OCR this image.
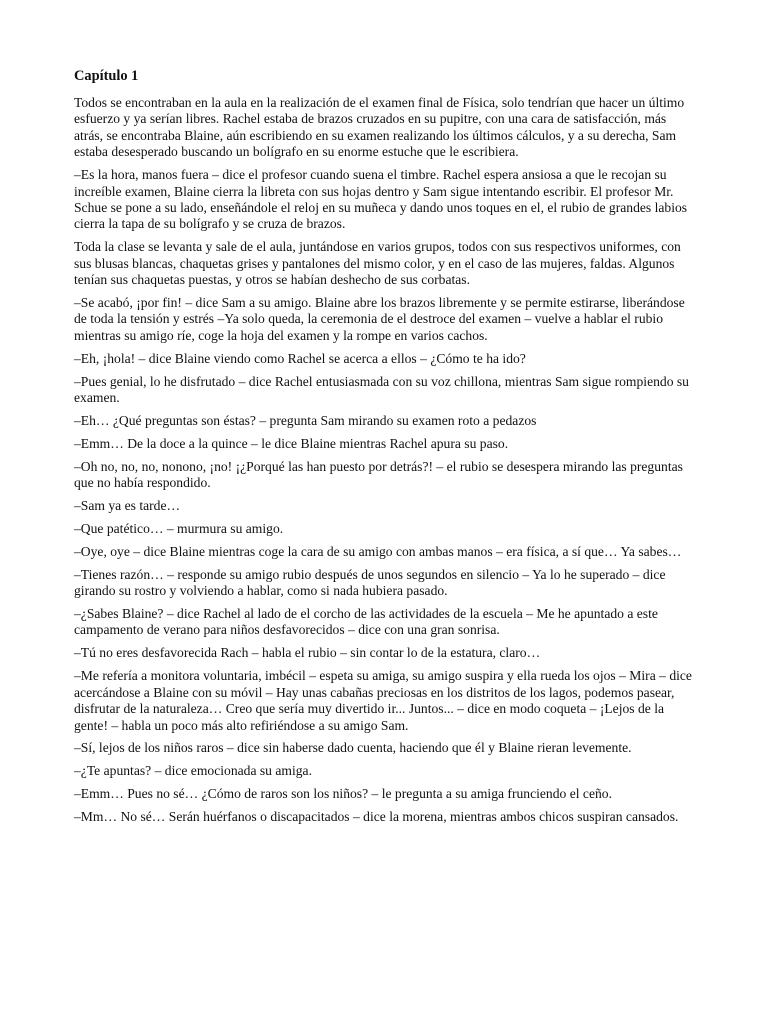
Capítulo 1

Todos se encontraban en la aula en la realización de el examen final de Física, solo tendrían que hacer un último esfuerzo y ya serían libres. Rachel estaba de brazos cruzados en su pupitre, con una cara de satisfacción, más atrás, se encontraba Blaine, aún escribiendo en su examen realizando los últimos cálculos, y a su derecha, Sam estaba desesperado buscando un bolígrafo en su enorme estuche que le escribiera.

–Es la hora, manos fuera – dice el profesor cuando suena el timbre. Rachel espera ansiosa a que le recojan su increíble examen, Blaine cierra la libreta con sus hojas dentro y Sam sigue intentando escribir. El profesor Mr. Schue se pone a su lado, enseñándole el reloj en su muñeca y dando unos toques en el, el rubio de grandes labios cierra la tapa de su bolígrafo y se cruza de brazos.

Toda la clase se levanta y sale de el aula, juntándose en varios grupos, todos con sus respectivos uniformes, con sus blusas blancas, chaquetas grises y pantalones del mismo color, y en el caso de las mujeres, faldas. Algunos tenían sus chaquetas puestas, y otros se habían deshecho de sus corbatas.

–Se acabó, ¡por fin! – dice Sam a su amigo. Blaine abre los brazos libremente y se permite estirarse, liberándose de toda la tensión y estrés –Ya solo queda, la ceremonia de el destroce del examen – vuelve a hablar el rubio mientras su amigo ríe, coge la hoja del examen y la rompe en varios cachos.

–Eh, ¡hola! – dice Blaine viendo como Rachel se acerca a ellos – ¿Cómo te ha ido?

–Pues genial, lo he disfrutado – dice Rachel entusiasmada con su voz chillona, mientras Sam sigue rompiendo su examen.

–Eh… ¿Qué preguntas son éstas? – pregunta Sam mirando su examen roto a pedazos

–Emm… De la doce a la quince – le dice Blaine mientras Rachel apura su paso.

–Oh no, no, no, nonono, ¡no! ¡¿Porqué las han puesto por detrás?! – el rubio se desespera mirando las preguntas que no había respondido.

–Sam ya es tarde…

–Que patético… – murmura su amigo.

–Oye, oye – dice Blaine mientras coge la cara de su amigo con ambas manos – era física, a sí que… Ya sabes…

–Tienes razón… – responde su amigo rubio después de unos segundos en silencio – Ya lo he superado – dice girando su rostro y volviendo a hablar, como si nada hubiera pasado.

–¿Sabes Blaine? – dice Rachel al lado de el corcho de las actividades de la escuela – Me he apuntado a este campamento de verano para niños desfavorecidos – dice con una gran sonrisa.

–Tú no eres desfavorecida Rach – habla el rubio – sin contar lo de la estatura, claro…

–Me refería a monitora voluntaria, imbécil – espeta su amiga, su amigo suspira y ella rueda los ojos – Mira – dice acercándose a Blaine con su móvil – Hay unas cabañas preciosas en los distritos de los lagos, podemos pasear, disfrutar de la naturaleza… Creo que sería muy divertido ir... Juntos... – dice en modo coqueta – ¡Lejos de la gente! – habla un poco más alto refiriéndose a su amigo Sam.

–Sí, lejos de los niños raros – dice sin haberse dado cuenta, haciendo que él y Blaine rieran levemente.

–¿Te apuntas? – dice emocionada su amiga.

–Emm… Pues no sé… ¿Cómo de raros son los niños? – le pregunta a su amiga frunciendo el ceño.

–Mm… No sé… Serán huérfanos o discapacitados – dice la morena, mientras ambos chicos suspiran cansados.
